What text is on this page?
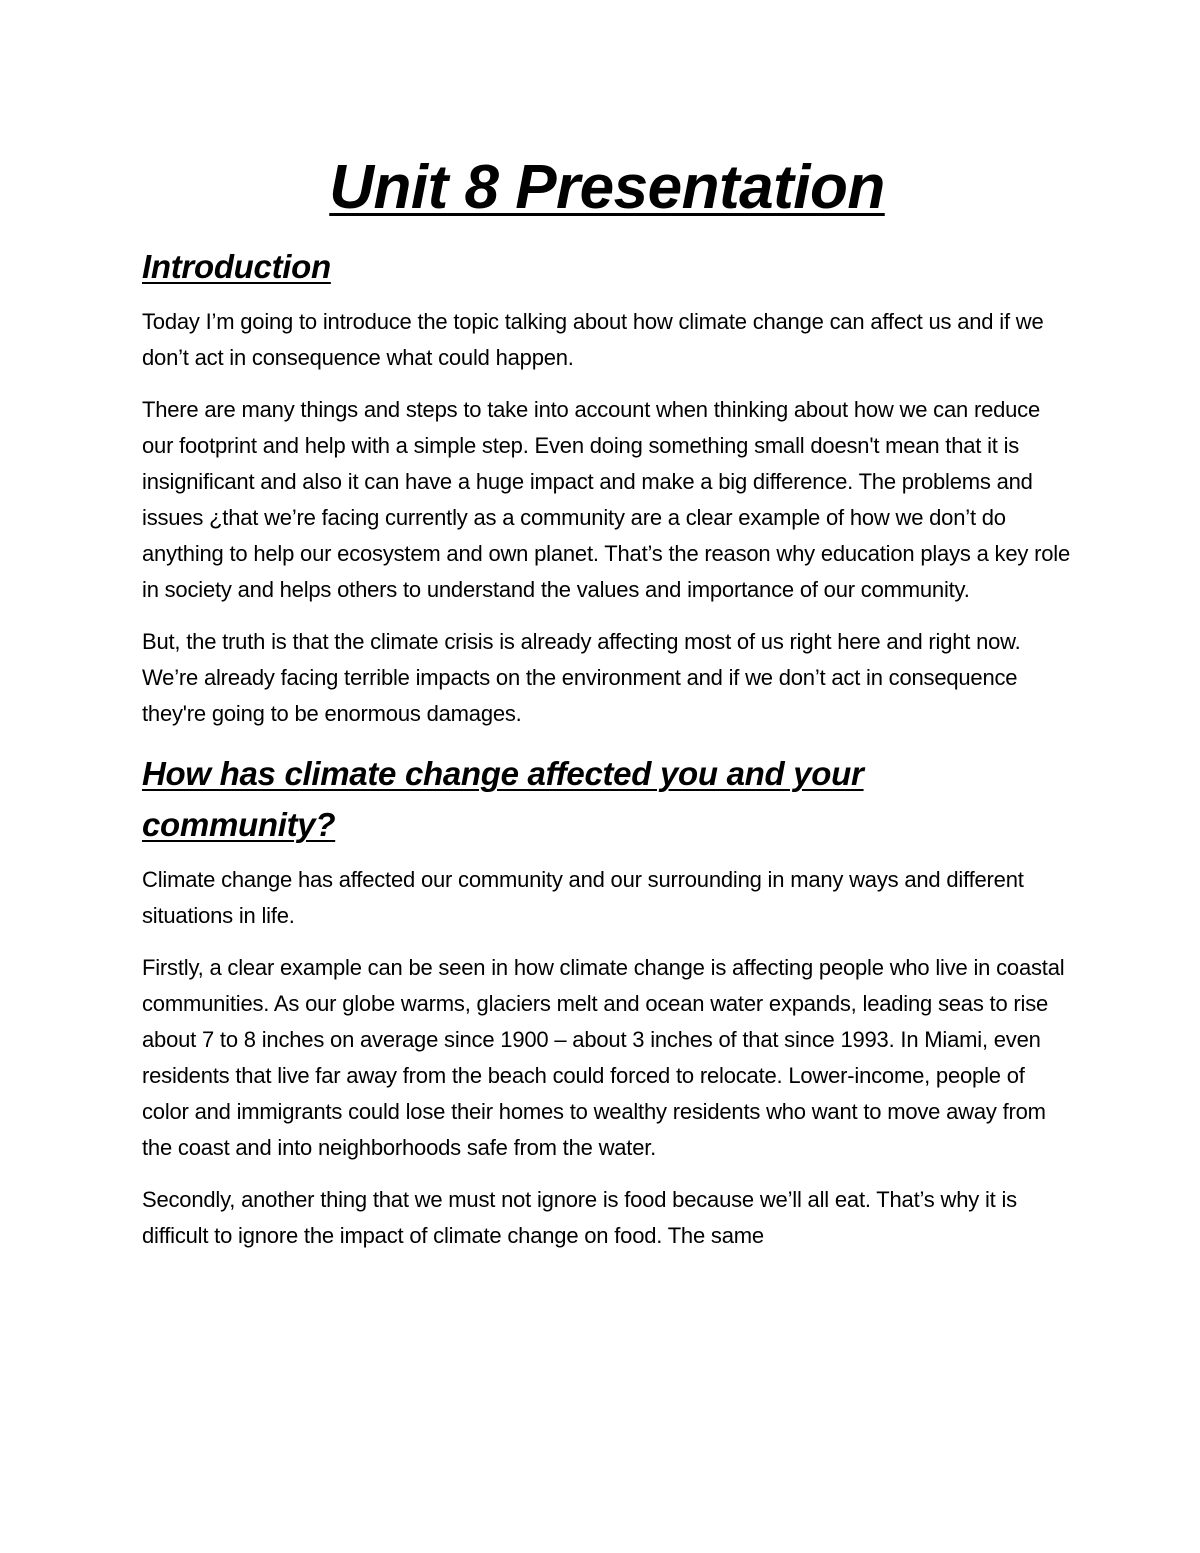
Unit 8 Presentation
Introduction

Today I’m going to introduce the topic talking about how climate change can affect us and if we don’t act in consequence what could happen.

There are many things and steps to take into account when thinking about how we can reduce our footprint and help with a simple step. Even doing something small doesn't mean that it is insignificant and also it can have a huge impact and make a big difference. The problems and issues ¿that we’re facing currently as a community are a clear example of how we don’t do anything to help our ecosystem and own planet. That’s the reason why education plays a key role in society and helps others to understand the values and importance of our community.

But, the truth is that the climate crisis is already affecting most of us right here and right now. We’re already facing terrible impacts on the environment and if we don’t act in consequence they're going to be enormous damages.

How has climate change affected you and your community?

Climate change has affected our community and our surrounding in many ways and different situations in life.

Firstly, a clear example can be seen in how climate change is affecting people who live in coastal communities. As our globe warms, glaciers melt and ocean water expands, leading seas to rise about 7 to 8 inches on average since 1900 – about 3 inches of that since 1993. In Miami, even residents that live far away from the beach could forced to relocate. Lower-income, people of color and immigrants could lose their homes to wealthy residents who want to move away from the coast and into neighborhoods safe from the water.

Secondly, another thing that we must not ignore is food because we’ll all eat. That’s why it is difficult to ignore the impact of climate change on food. The same
